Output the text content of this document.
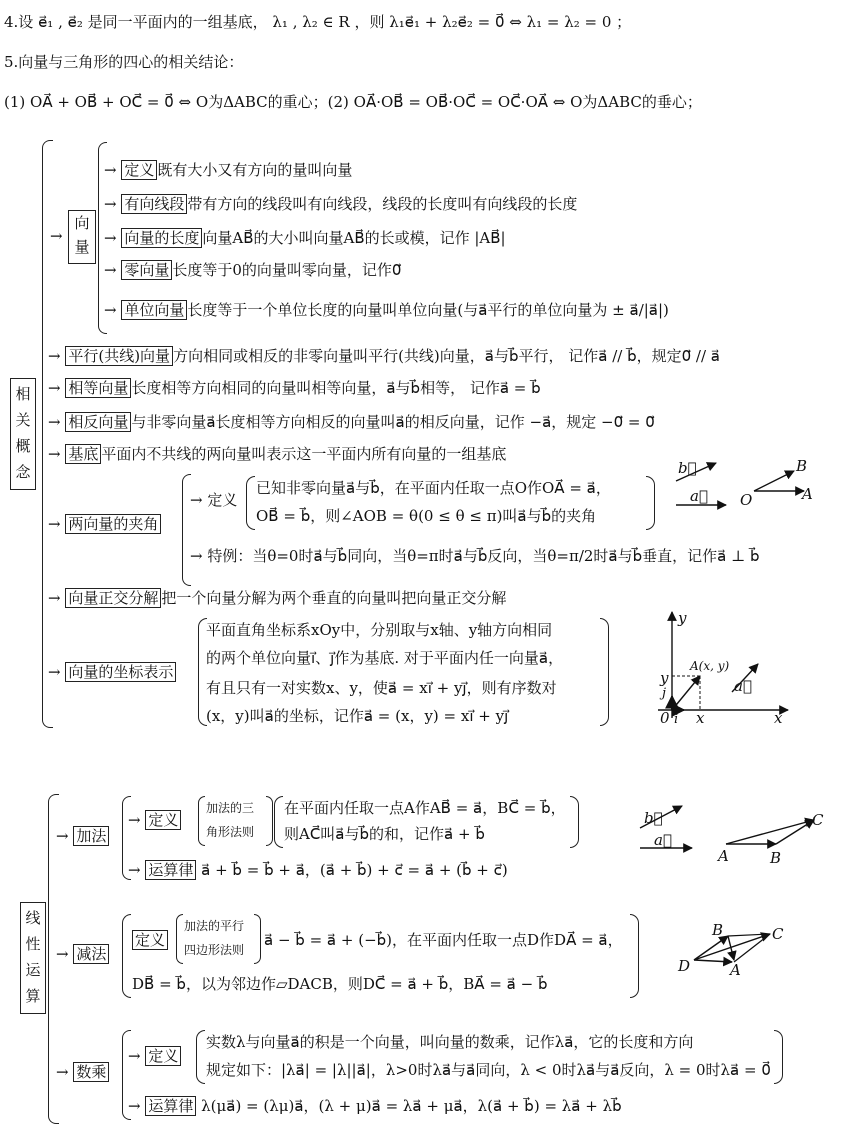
4.设 e⃗₁ , e⃗₂ 是同一平面内的一组基底， λ₁ , λ₂ ∈ R ，则 λ₁e⃗₁ + λ₂e⃗₂ = 0⃗ ⇔ λ₁ = λ₂ = 0 ；
5.向量与三角形的四心的相关结论：
(1) OA⃗ + OB⃗ + OC⃗ = 0⃗ ⇔ O为ΔABC的重心；(2) OA⃗·OB⃗ = OB⃗·OC⃗ = OC⃗·OA⃗ ⇔ O为ΔABC的垂心；
相关概念
→
向量
→ 定义 既有大小又有方向的量叫向量
→ 有向线段 带有方向的线段叫有向线段，线段的长度叫有向线段的长度
→ 向量的长度 向量AB⃗的大小叫向量AB⃗的长或模，记作 |AB⃗|
→ 零向量 长度等于0的向量叫零向量，记作0⃗
→ 单位向量 长度等于一个单位长度的向量叫单位向量(与a⃗平行的单位向量为 ± a⃗/|a⃗|)
→ 平行(共线)向量 方向相同或相反的非零向量叫平行(共线)向量，a⃗与b⃗平行， 记作a⃗ // b⃗，规定0⃗ // a⃗
→ 相等向量 长度相等方向相同的向量叫相等向量，a⃗与b⃗相等， 记作a⃗ = b⃗
→ 相反向量 与非零向量a⃗长度相等方向相反的向量叫a⃗的相反向量，记作 −a⃗，规定 −0⃗ = 0⃗
→ 基底 平面内不共线的两向量叫表示这一平面内所有向量的一组基底
→ 两向量的夹角
→ 定义
已知非零向量a⃗与b⃗，在平面内任取一点O作OA⃗ = a⃗，
OB⃗ = b⃗，则∠AOB = θ(0 ≤ θ ≤ π)叫a⃗与b⃗的夹角
→ 特例：当θ=0时a⃗与b⃗同向，当θ=π时a⃗与b⃗反向，当θ=π/2时a⃗与b⃗垂直，记作a⃗ ⊥ b⃗
→ 向量正交分解 把一个向量分解为两个垂直的向量叫把向量正交分解
→ 向量的坐标表示
平面直角坐标系xOy中，分别取与x轴、y轴方向相同
的两个单位向量i⃗、j⃗作为基底. 对于平面内任一向量a⃗，
有且只有一对实数x、y，使a⃗ = xi⃗ + yj⃗，则有序数对
(x，y)叫a⃗的坐标，记作a⃗ = (x，y) = xi⃗ + yj⃗
b⃗
a⃗ O
B
A
y
x
A(x, y)
a⃗
0 i
j
x
y
线性运算
→ 加法
→ 定义
加法的三
角形法则
在平面内任取一点A作AB⃗ = a⃗，BC⃗ = b⃗，
则AC⃗叫a⃗与b⃗的和，记作a⃗ + b⃗
→ 运算律 a⃗ + b⃗ = b⃗ + a⃗，(a⃗ + b⃗) + c⃗ = a⃗ + (b⃗ + c⃗)
→ 减法
定义
加法的平行
四边形法则
a⃗ − b⃗ = a⃗ + (−b⃗)，在平面内任取一点D作DA⃗ = a⃗，
DB⃗ = b⃗，以为邻边作▱DACB，则DC⃗ = a⃗ + b⃗，BA⃗ = a⃗ − b⃗
→ 数乘
→ 定义
实数λ与向量a⃗的积是一个向量，叫向量的数乘，记作λa⃗，它的长度和方向
规定如下：|λa⃗| = |λ||a⃗|，λ>0时λa⃗与a⃗同向，λ < 0时λa⃗与a⃗反向，λ = 0时λa⃗ = 0⃗
→ 运算律 λ(μa⃗) = (λμ)a⃗，(λ + μ)a⃗ = λa⃗ + μa⃗，λ(a⃗ + b⃗) = λa⃗ + λb⃗
b⃗
a⃗
A	B
C
D	A
B	C
